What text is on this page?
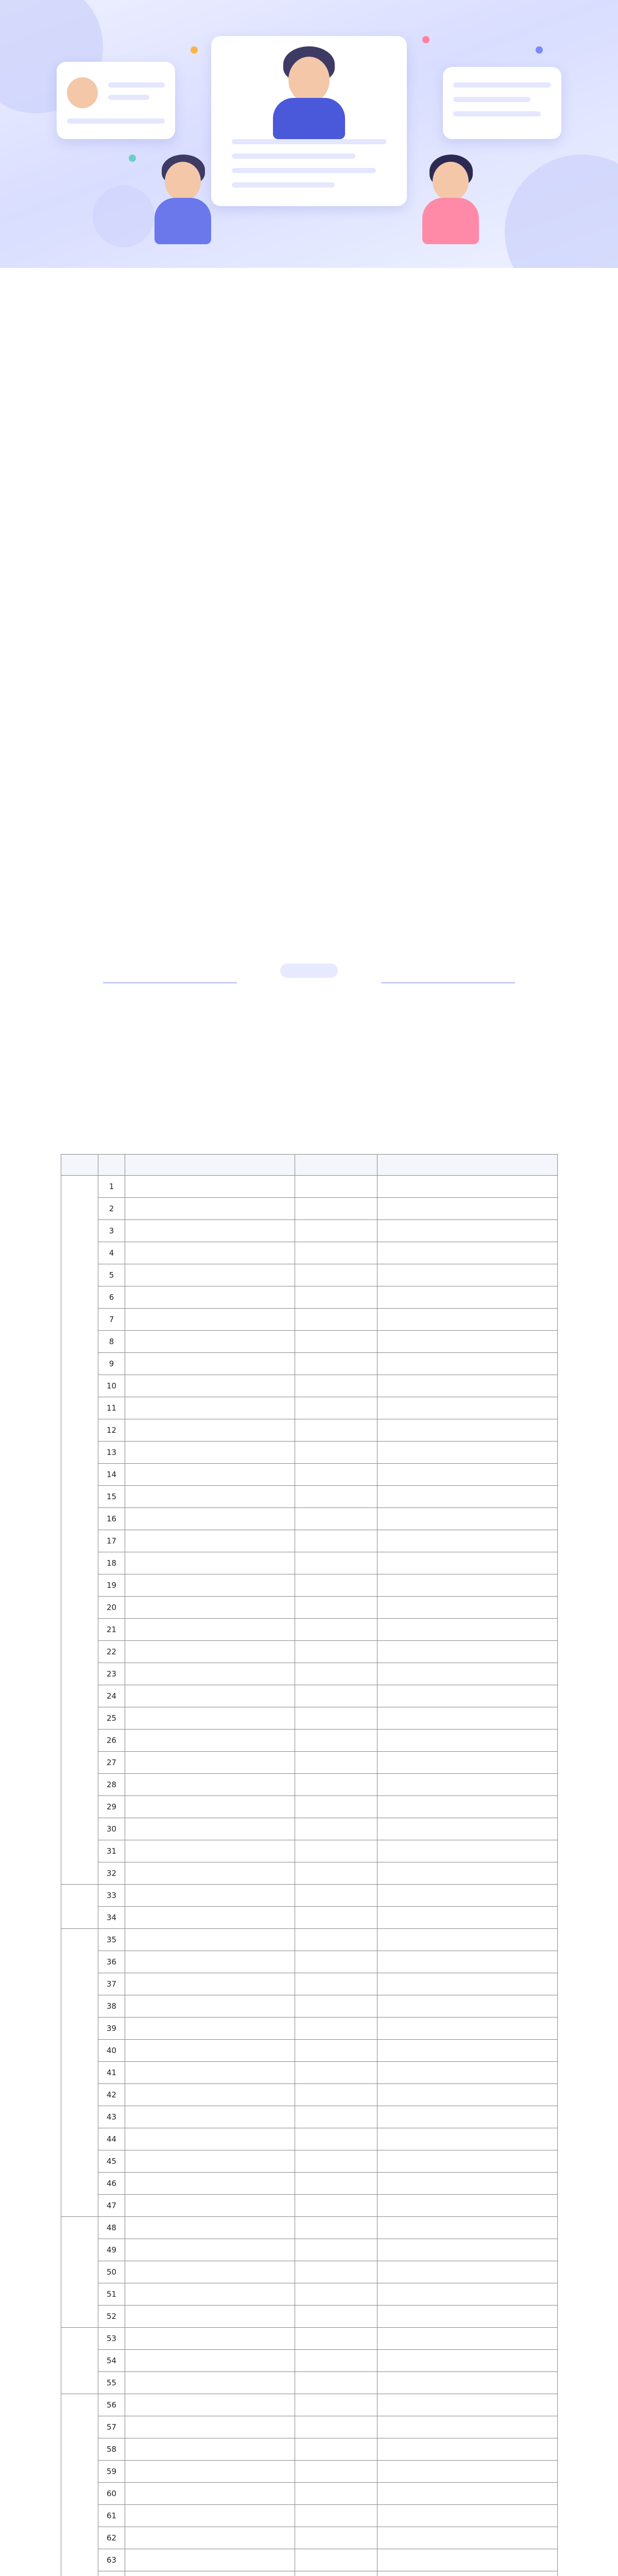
	1			
	2			
	3			
	4			
	5			
	6			
	7			
	8			
	9			
	10			
	11			
	12			
	13			
	14			
	15			
	16			
	17			
	18			
	19			
	20			
	21			
	22			
	23			
	24			
	25			
	26			
	27			
	28			
	29			
	30			
	31			
	32			
	33			
	34			
	35			
	36			
	37			
	38			
	39			
	40			
	41			
	42			
	43			
	44			
	45			
	46			
	47			
	48			
	49			
	50			
	51			
	52			
	53			
	54			
	55			
	56			
	57			
	58			
	59			
	60			
	61			
	62			
	63			
